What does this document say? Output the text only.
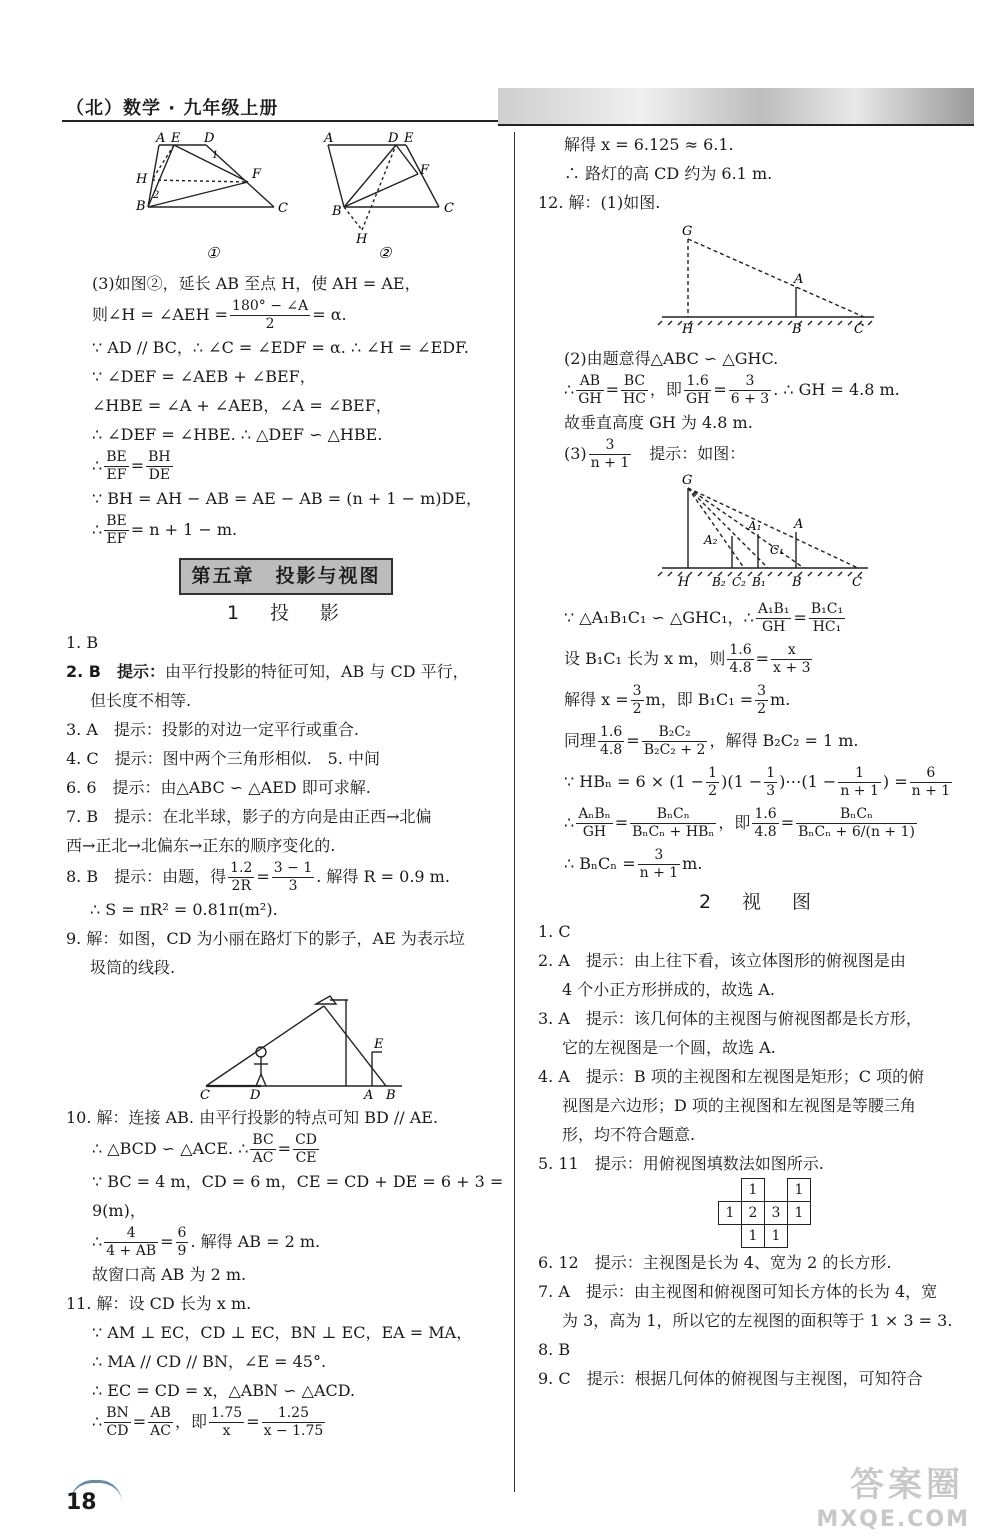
（北）数学 · 九年级上册
A E D
H
B	C
F
1
2
A	D E
B	C
F
H
①	②
(3)如图②，延长 AB 至点 H，使 AH = AE，
则∠H = ∠AEH = $\frac{180^\circ - \angle A}{2} = \alpha$.
∵ AD // BC，∴ ∠C = ∠EDF = α. ∴ ∠H = ∠EDF.
∵ ∠DEF = ∠AEB + ∠BEF，
∠HBE = ∠A + ∠AEB，∠A = ∠BEF，
∴ ∠DEF = ∠HBE. ∴ △DEF ∽ △HBE.
∴ $\frac{BE}{EF} = \frac{BH}{DE}$
∵ BH = AH − AB = AE − AB = (n + 1 − m)DE，
∴ $\frac{BE}{EF} = n + 1 - m$.
第五章　投影与视图
1　投　影
1. B
2. B　提示：由平行投影的特征可知，AB 与 CD 平行，
但长度不相等.
3. A　提示：投影的对边一定平行或重合.
4. C　提示：图中两个三角形相似.　5. 中间
6. 6　提示：由△ABC ∽ △AED 即可求解.
7. B　提示：在北半球，影子的方向是由正西→北偏
西→正北→北偏东→正东的顺序变化的.
8. B　提示：由题，得 $\frac{1.2}{2R} = \frac{3 - 1}{3}$ . 解得 R = 0.9 m.
∴ S = πR² = 0.81π(m²).
9. 解：如图，CD 为小丽在路灯下的影子，AE 为表示垃
圾筒的线段.
E
C	D	A B
10. 解：连接 AB. 由平行投影的特点可知 BD // AE.
∴ △BCD ∽ △ACE. ∴ $\frac{BC}{AC} = \frac{CD}{CE}$
∵ BC = 4 m，CD = 6 m，CE = CD + DE = 6 + 3 =
9(m)，
∴ $\frac{4}{4 + AB} = \frac{6}{9}$ . 解得 AB = 2 m.
故窗口高 AB 为 2 m.
11. 解：设 CD 长为 x m.
∵ AM ⊥ EC，CD ⊥ EC，BN ⊥ EC，EA = MA，
∴ MA // CD // BN，∠E = 45°.
∴ EC = CD = x，△ABN ∽ △ACD.
∴ $\frac{BN}{CD} = \frac{AB}{AC}$ ，即 $\frac{1.75}{x} = \frac{1.25}{x - 1.75}$
解得 x = 6.125 ≈ 6.1.
∴ 路灯的高 CD 约为 6.1 m.
12. 解：(1)如图.
G
A
H	B	C
(2)由题意得△ABC ∽ △GHC.
∴ $\frac{AB}{GH} = \frac{BC}{HC}$ ，即 $\frac{1.6}{GH} = \frac{3}{6 + 3}$ . ∴ GH = 4.8 m.
故垂直高度 GH 为 4.8 m.
$(3) \frac{3}{n + 1}$ 　提示：如图：
G
A₁	A
A₂
C₁
H B₂ C₂ B₁ B	C
∵ △A₁B₁C₁ ∽ △GHC₁，∴ $\frac{\text{A₁B₁}}{GH} = \frac{\text{B₁C₁}}{\text{HC₁}}$
设 B₁C₁ 长为 x m，则 $\frac{1.6}{4.8} = \frac{x}{x + 3}$
解得 $x = \frac{3}{2}$ m，即 $B_1C_1 = \frac{3}{2} m$.
同理 $\frac{1.6}{4.8} = \frac{\text{B₂C₂}}{\text{B₂C₂ + 2}}$ ，解得 B₂C₂ = 1 m.
∵ $HB_n = 6 \times (1 - \frac{1}{2} )(1 - \frac{1}{3}$ )⋯(1 − $\frac{1}{n + 1}$ ) = $\frac{6}{n + 1}$
∴ $\frac{\text{AₙBₙ}}{GH} = \frac{\text{BₙCₙ}}{\text{BₙCₙ + HBₙ}}$ ，即 $\frac{1.6}{4.8} = \frac{\text{BₙCₙ}}{\text{BₙCₙ + 6/(n + 1)}}$
∴ $B_nC_n = \frac{3}{n + 1} m$.
2　视　图
1. C
2. A　提示：由上往下看，该立体图形的俯视图是由
4 个小正方形拼成的，故选 A.
3. A　提示：该几何体的主视图与俯视图都是长方形，
它的左视图是一个圆，故选 A.
4. A　提示：B 项的主视图和左视图是矩形；C 项的俯
视图是六边形；D 项的主视图和左视图是等腰三角
形，均不符合题意.
5. 11　提示：用俯视图填数法如图所示.
	1		1
1	2	3	1
	1	1	
6. 12　提示：主视图是长为 4、宽为 2 的长方形.
7. A　提示：由主视图和俯视图可知长方体的长为 4，宽
为 3，高为 1，所以它的左视图的面积等于 1 × 3 = 3.
8. B
9. C　提示：根据几何体的俯视图与主视图，可知符合
18	答案圈
MXQE.COM
